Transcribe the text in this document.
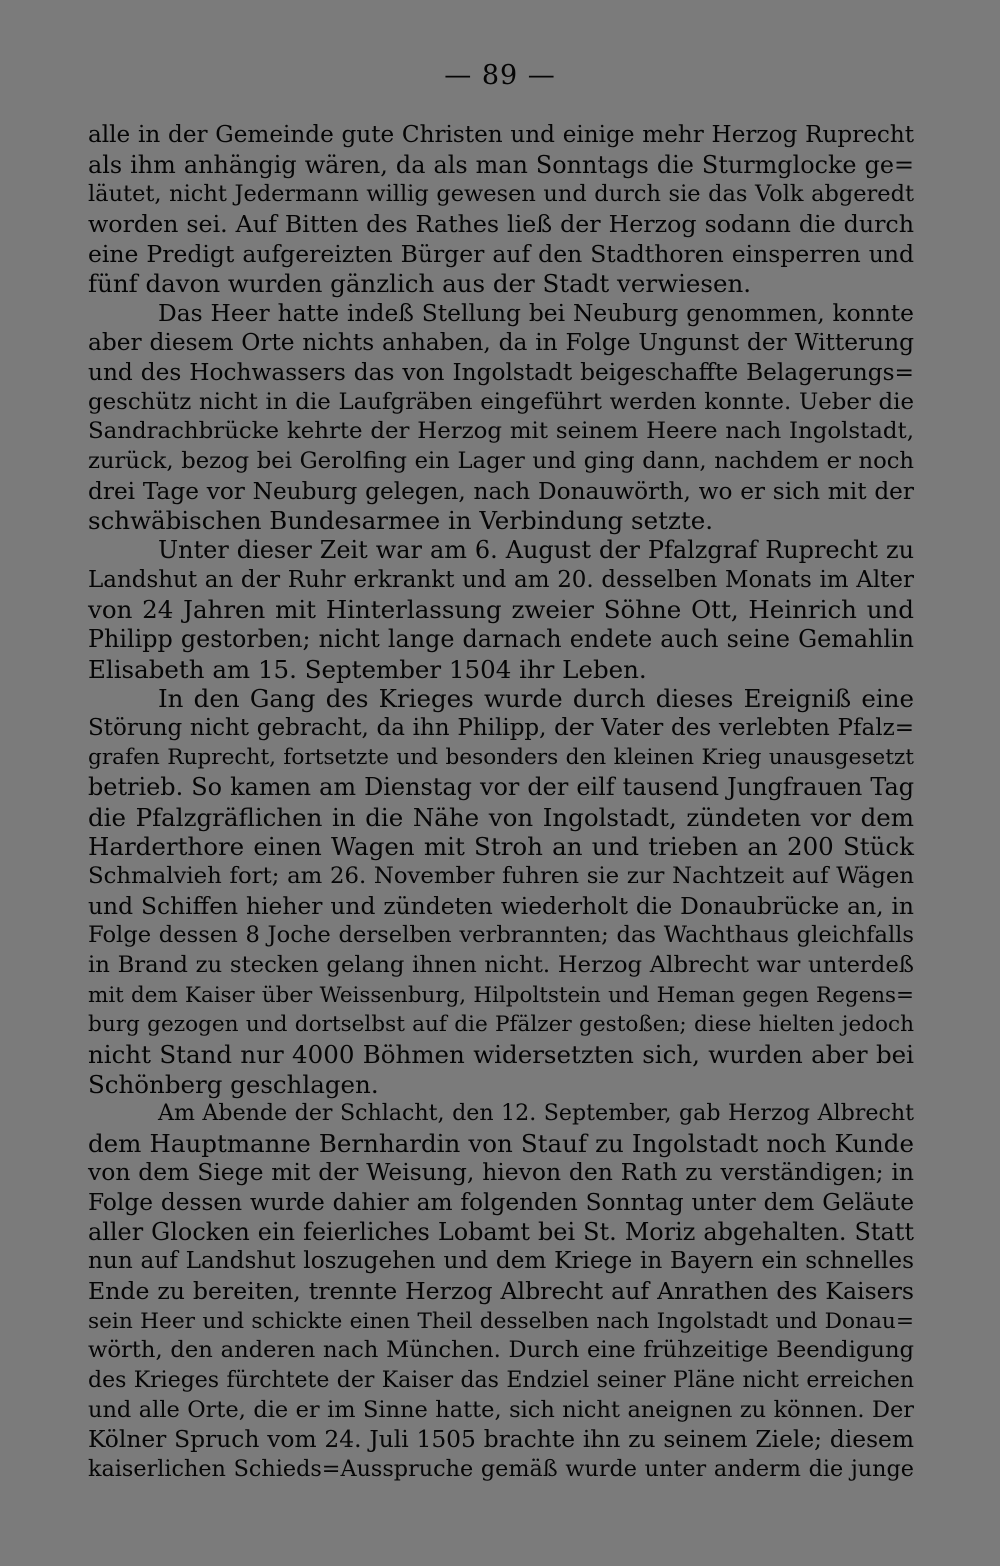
— 89 —
alle in der Gemeinde gute Christen und einige mehr Herzog Ruprecht
als ihm anhängig wären, da als man Sonntags die Sturmglocke ge=
läutet, nicht Jedermann willig gewesen und durch sie das Volk abgeredt
worden sei. Auf Bitten des Rathes ließ der Herzog sodann die durch
eine Predigt aufgereizten Bürger auf den Stadthoren einsperren und
fünf davon wurden gänzlich aus der Stadt verwiesen.
Das Heer hatte indeß Stellung bei Neuburg genommen, konnte
aber diesem Orte nichts anhaben, da in Folge Ungunst der Witterung
und des Hochwassers das von Ingolstadt beigeschaffte Belagerungs=
geschütz nicht in die Laufgräben eingeführt werden konnte. Ueber die
Sandrachbrücke kehrte der Herzog mit seinem Heere nach Ingolstadt,
zurück, bezog bei Gerolfing ein Lager und ging dann, nachdem er noch
drei Tage vor Neuburg gelegen, nach Donauwörth, wo er sich mit der
schwäbischen Bundesarmee in Verbindung setzte.
Unter dieser Zeit war am 6. August der Pfalzgraf Ruprecht zu
Landshut an der Ruhr erkrankt und am 20. desselben Monats im Alter
von 24 Jahren mit Hinterlassung zweier Söhne Ott, Heinrich und
Philipp gestorben; nicht lange darnach endete auch seine Gemahlin
Elisabeth am 15. September 1504 ihr Leben.
In den Gang des Krieges wurde durch dieses Ereigniß eine
Störung nicht gebracht, da ihn Philipp, der Vater des verlebten Pfalz=
grafen Ruprecht, fortsetzte und besonders den kleinen Krieg unausgesetzt
betrieb. So kamen am Dienstag vor der eilf tausend Jungfrauen Tag
die Pfalzgräflichen in die Nähe von Ingolstadt, zündeten vor dem
Harderthore einen Wagen mit Stroh an und trieben an 200 Stück
Schmalvieh fort; am 26. November fuhren sie zur Nachtzeit auf Wägen
und Schiffen hieher und zündeten wiederholt die Donaubrücke an, in
Folge dessen 8 Joche derselben verbrannten; das Wachthaus gleichfalls
in Brand zu stecken gelang ihnen nicht. Herzog Albrecht war unterdeß
mit dem Kaiser über Weissenburg, Hilpoltstein und Heman gegen Regens=
burg gezogen und dortselbst auf die Pfälzer gestoßen; diese hielten jedoch
nicht Stand nur 4000 Böhmen widersetzten sich, wurden aber bei
Schönberg geschlagen.
Am Abende der Schlacht, den 12. September, gab Herzog Albrecht
dem Hauptmanne Bernhardin von Stauf zu Ingolstadt noch Kunde
von dem Siege mit der Weisung, hievon den Rath zu verständigen; in
Folge dessen wurde dahier am folgenden Sonntag unter dem Geläute
aller Glocken ein feierliches Lobamt bei St. Moriz abgehalten. Statt
nun auf Landshut loszugehen und dem Kriege in Bayern ein schnelles
Ende zu bereiten, trennte Herzog Albrecht auf Anrathen des Kaisers
sein Heer und schickte einen Theil desselben nach Ingolstadt und Donau=
wörth, den anderen nach München. Durch eine frühzeitige Beendigung
des Krieges fürchtete der Kaiser das Endziel seiner Pläne nicht erreichen
und alle Orte, die er im Sinne hatte, sich nicht aneignen zu können. Der
Kölner Spruch vom 24. Juli 1505 brachte ihn zu seinem Ziele; diesem
kaiserlichen Schieds=Ausspruche gemäß wurde unter anderm die junge
